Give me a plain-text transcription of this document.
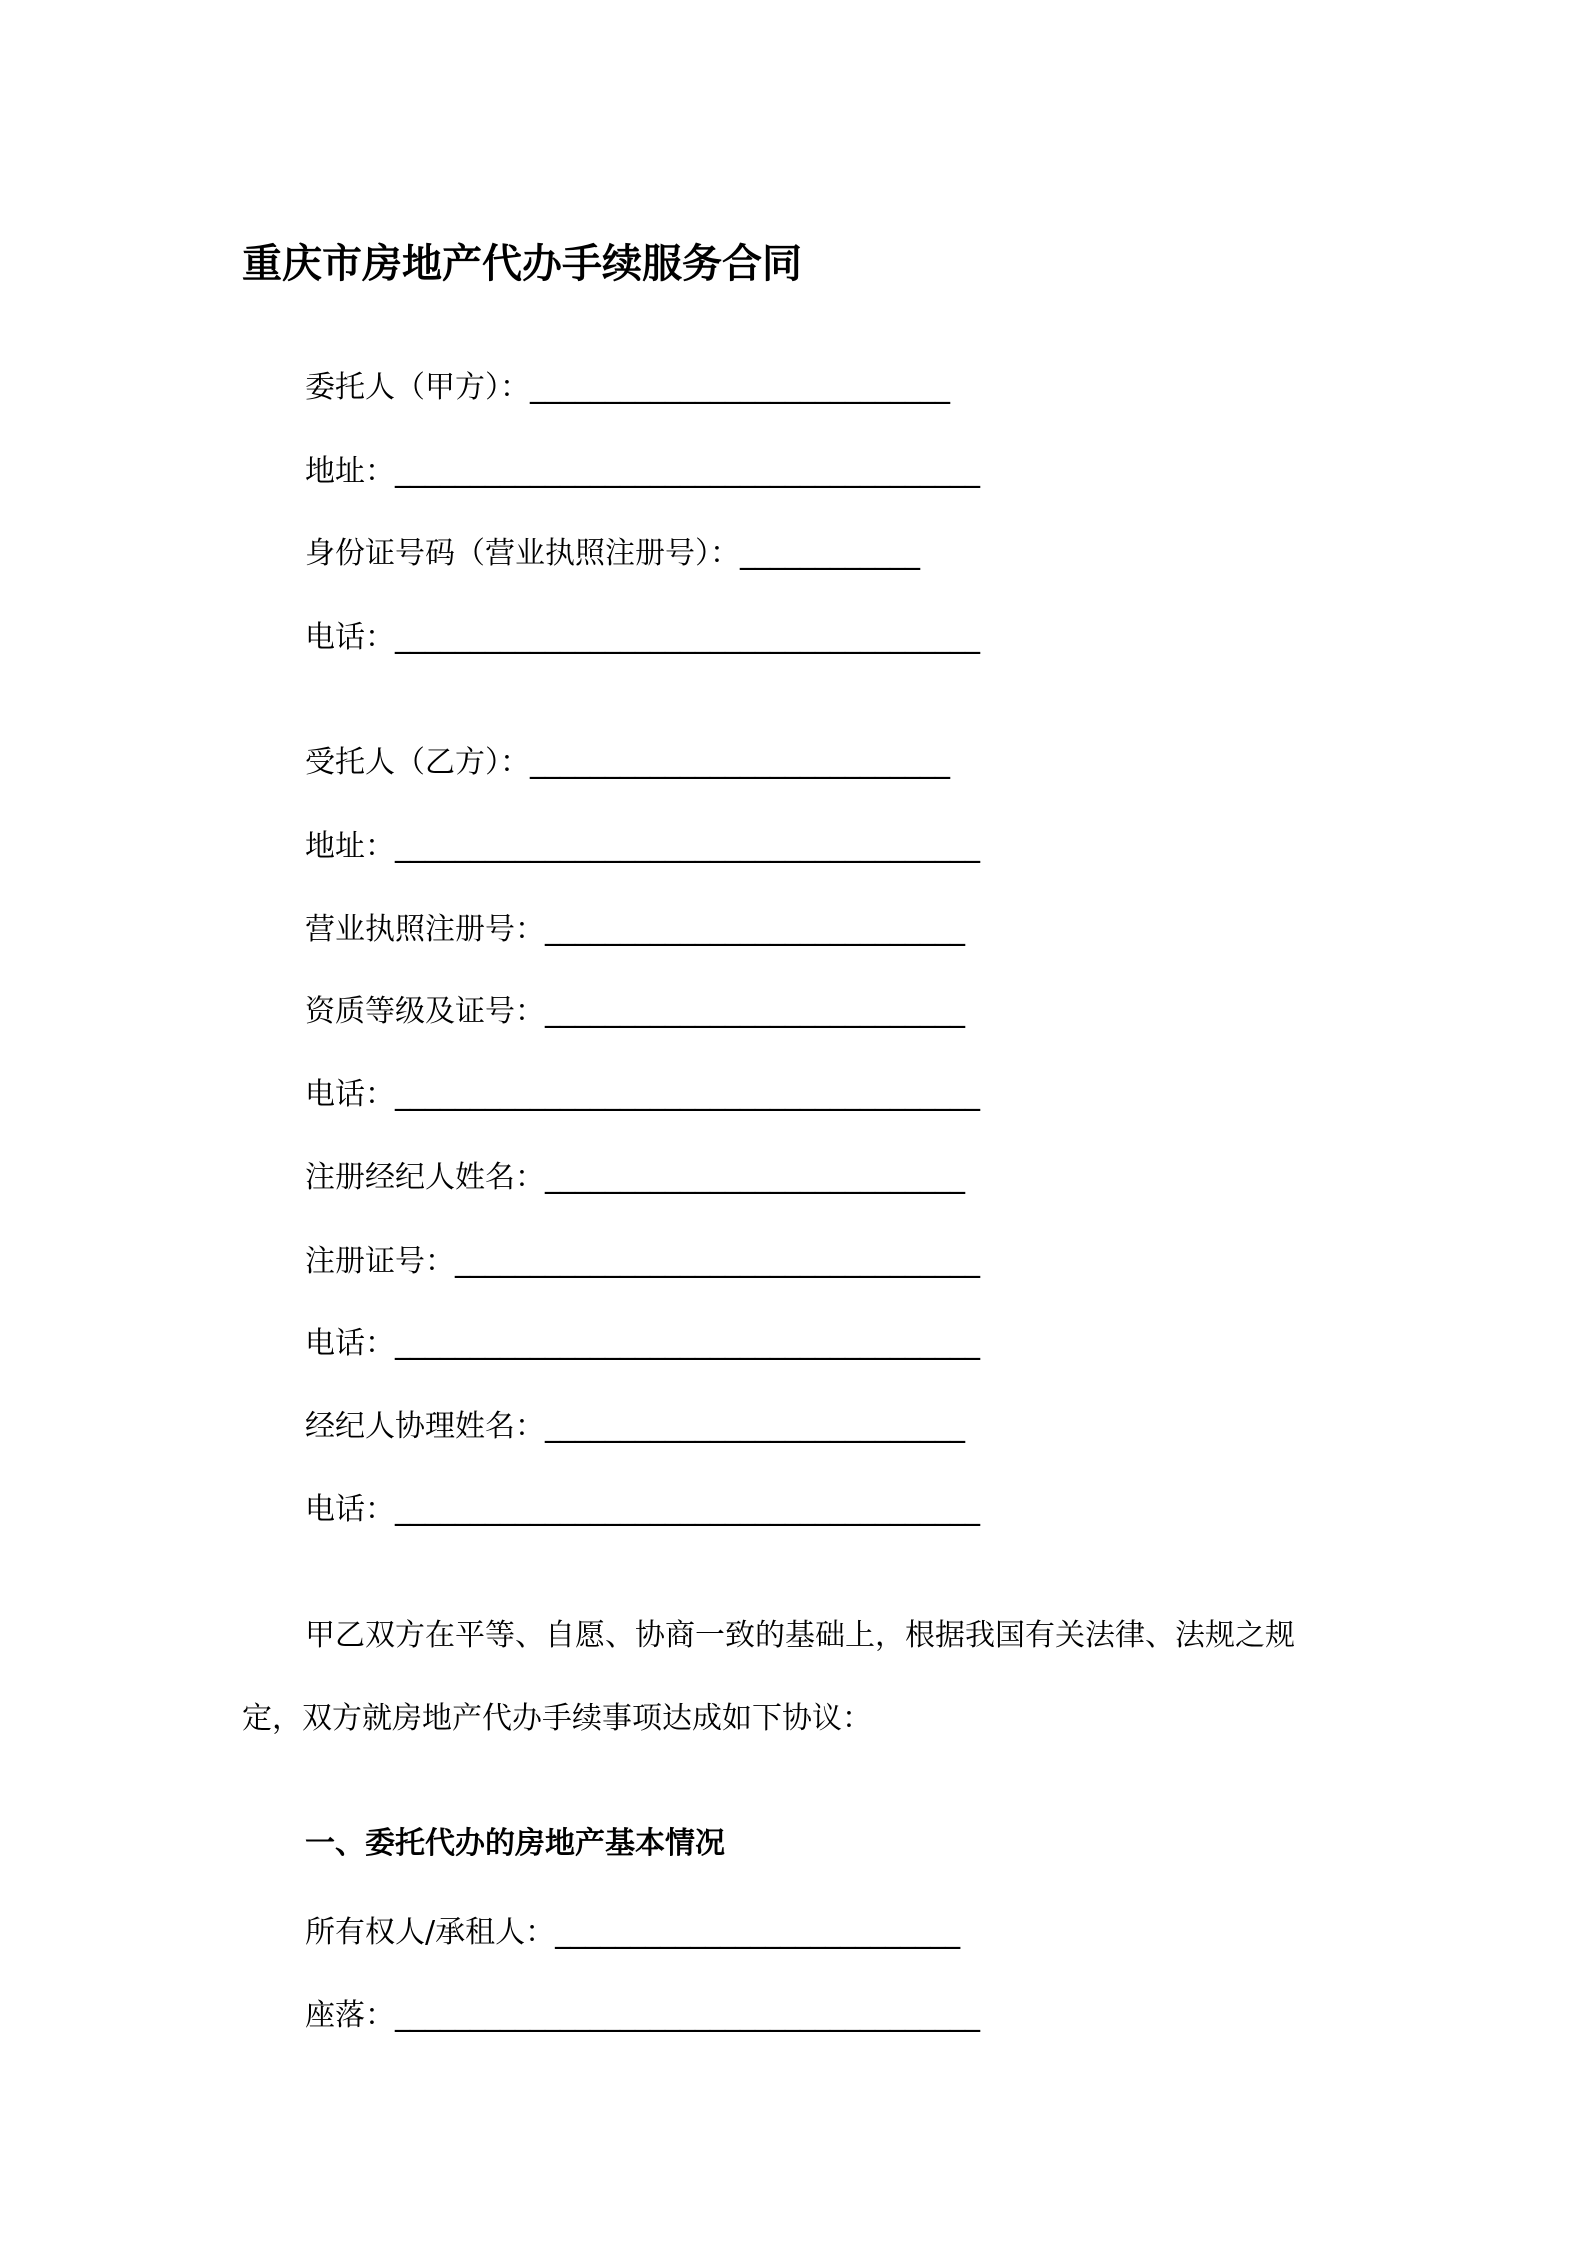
重庆市房地产代办手续服务合同
委托人（甲方）：____________________________
地址：_______________________________________
身份证号码（营业执照注册号）：____________
电话：_______________________________________
受托人（乙方）：____________________________
地址：_______________________________________
营业执照注册号：____________________________
资质等级及证号：____________________________
电话：_______________________________________
注册经纪人姓名：____________________________
注册证号：___________________________________
电话：_______________________________________
经纪人协理姓名：____________________________
电话：_______________________________________
甲乙双方在平等、自愿、协商一致的基础上，根据我国有关法律、法规之规
定，双方就房地产代办手续事项达成如下协议：
一、委托代办的房地产基本情况
所有权人/承租人：___________________________
座落：_______________________________________
